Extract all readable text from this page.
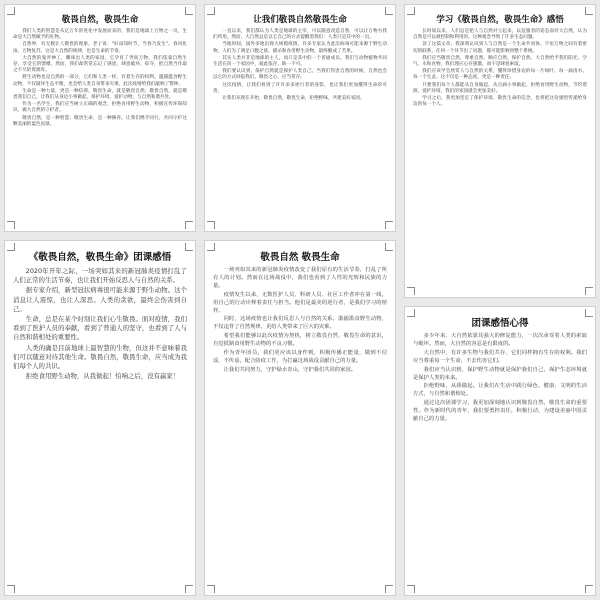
敬畏自然，敬畏生命

我们人类的智慧是从亿万年的进化中发展而来的，我们是地球上万物之一员，生命是大自然赋予的礼物。

自然界，有无数让人敬畏的现象。老子说：“好雨知时节，当春乃发生”。春风化雨，万物复苏，这是大自然的规律，也是生命的节奏。

大自然的鬼斧神工，雕琢出人类的家园。它孕育了世间万物，我们依靠自然生存，享受它的馈赠。然而，我们却常常忘记了感恩，肆意破坏、掠夺，把自然当作取之不尽的资源库。

野生动物也是自然的一部分，它们和人类一样，有着生存的权利。滥捕滥食野生动物，不仅破坏生态平衡，也会给人类自身带来灾难。此次疫情给我们敲响了警钟。

生命是一种力量，更是一种信仰。敬畏生命，就是敬畏自然；敬畏自然，就是敬畏我们自己。让我们从身边小事做起，保护环境，爱护动物，与自然和谐共处。

作为一名学生，我们应当树立正确的观念，拒绝食用野生动物，积极宣传环保知识，做大自然的守护者。

敬畏自然，是一种智慧；敬畏生命，是一种修养。让我们携手同行，共同守护这颗美丽的蓝色星球。

让我们敬畏自然敬畏生命

一直以来，我们都认为人类是地球的主宰，可以随意改造自然，可以让万物为我们所用。然而，大自然总是以它自己的方式提醒着我们：人类只是其中的一员。

当地时间，国外多地出现大规模疫情，许多专家认为此次病毒可能来源于野生动物。人们为了满足口腹之欲，捕杀和食用野生动物，最终酿成了苦果。

其实人类并非是地球的主人，而只是其中的一个普通成员。我们与动物植物共同生活在同一个家园中，彼此依存，缺一不可。

我们要认识到，保护自然就是保护人类自己。当我们伤害自然的时候，自然也会以它的方式回报我们。敬畏之心，应当常存。

这次疫情，让我们看到了许许多多逆行者的身影，也让我们更加懂得生命的可贵。

让我们从现在开始，敬畏自然，敬畏生命，拒绝野味，共建美好家园。

学习《敬畏自然，敬畏生命》感悟

长时间以来，人们总是把人与自然对立起来，以征服者的姿态面对大自然，认为自然是可以被控制和利用的。这种观念导致了许多生态问题。

读了这篇文章，我深刻认识到人与自然是一个生命共同体。宇宙万物之间有着密切的联系，任何一个环节出了问题，都可能影响到整个系统。

我们应当敬畏自然、尊重自然、顺应自然、保护自然。大自然给予我们阳光、空气、水和食物，我们理应心存感激，而不是肆意索取。

我们应该学会欣赏人与自然的关系，懂得珍惜身边的每一片绿叶、每一滴清水、每一个生灵。这不仅是一种态度，更是一种责任。

只要我们每个人都能从自身做起，从点滴小事做起，拒绝食用野生动物，节约资源，爱护环境，我们的家园就会更加美好。

学习之后，我更加坚定了保护环境、敬畏生命的信念，也将把这份感悟传递给身边的每一个人。

《敬畏自然，敬畏生命》团课感悟

2020年开年之际，一场突如其来的新冠肺炎疫情打乱了人们正常的生活节奏，也让我们开始反思人与自然的关系。

据专家介绍，新型冠状病毒很可能来源于野生动物。这个消息让人震惊，也让人深思。人类的贪欲，最终会伤害到自己。

生命，总是在某个时刻让我们心生敬畏。面对疫情，我们看到了医护人员的奉献，看到了普通人的坚守，也看到了人与自然和谐相处的重要性。

人类的确是目前地球上最智慧的生物，但这并不意味着我们可以随意对待其他生命。敬畏自然，敬畏生命，应当成为我们每个人的共识。

拒绝食用野生动物，从我做起！怕响之后，没有赢家！

敬畏自然 敬畏生命

一场突如其来的新冠肺炎疫情改变了我们原有的生活节奏，打乱了所有人的计划。然而在这场战役中，我们也看到了人性的光辉和民族的力量。

疫情发生以来，无数医护人员、科研人员、社区工作者冲在第一线，用自己的行动诠释着责任与担当。他们是最美的逆行者，是我们学习的榜样。

同时，这场疫情也让我们反思人与自然的关系。滥捕滥食野生动物，不仅违背了自然规律，更给人类带来了巨大的灾难。

希望我们能够以此次疫情为契机，树立敬畏自然、敬畏生命的意识，自觉抵制食用野生动物的不良习惯。

作为青年团员，我们更应该以身作则，积极传播正能量，做到不信谣、不传谣，配合防疫工作，为打赢这场战役贡献自己的力量。

让我们共同努力，守护绿水青山，守护我们共同的家园。

团课感悟心得

多少年来，大自然依靠其强大的修复能力，一次次承受着人类的索取与破坏。然而，大自然的容忍是有限度的。

大自然中，有许多生物与我们共存，它们同样拥有生存的权利。我们应当尊重每一个生命，不去伤害它们。

我们应当认识到，保护野生动物就是保护我们自己，保护生态环境就是保护人类的未来。

拒绝野味，从我做起。让我们在生活中践行绿色、健康、文明的生活方式，与自然和谐相处。

通过这次团课学习，我更加深刻地认识到敬畏自然、敬畏生命的重要性。作为新时代的青年，我们要勇担责任，积极行动，为建设美丽中国贡献自己的力量。
